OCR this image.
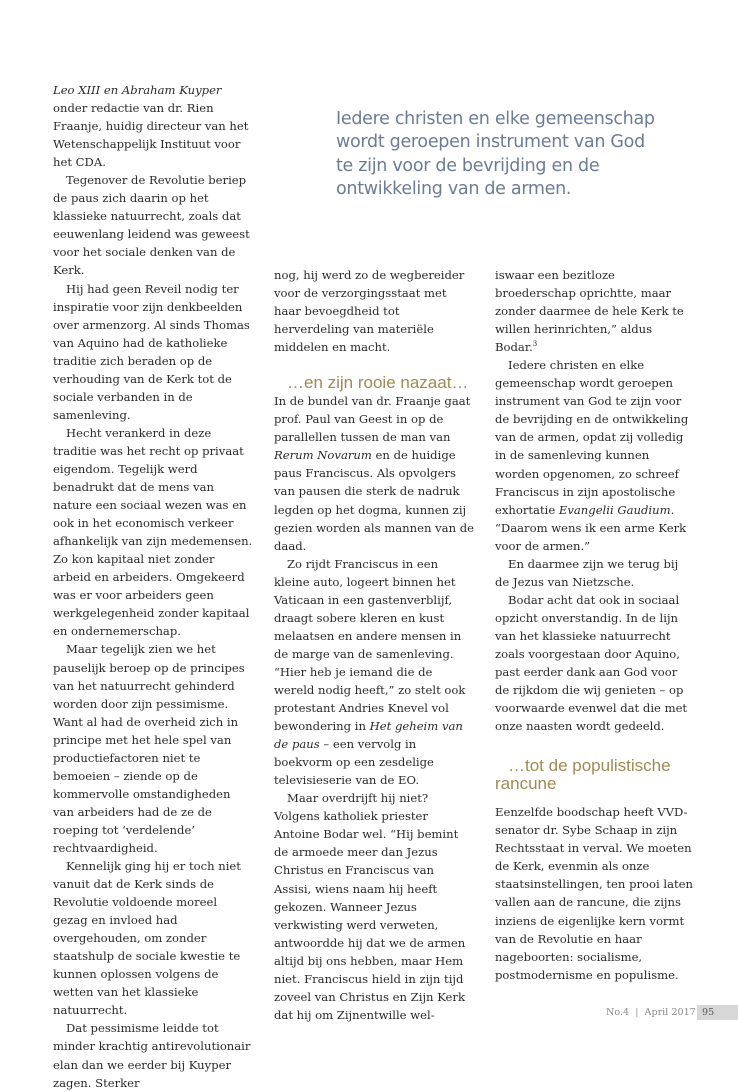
Iedere christen en elke gemeenschap wordt geroepen instrument van God te zijn voor de bevrijding en de ontwikkeling van de armen.

Leo XIII en Abraham Kuyper onder redactie van dr. Rien Fraanje, huidig directeur van het Wetenschappelijk Instituut voor het CDA.

Tegenover de Revolutie beriep de paus zich daarin op het klassieke natuurrecht, zoals dat eeuwenlang leidend was geweest voor het sociale denken van de Kerk.

Hij had geen Reveil nodig ter inspiratie voor zijn denkbeelden over armenzorg. Al sinds Thomas van Aquino had de katholieke traditie zich beraden op de verhouding van de Kerk tot de sociale verbanden in de samenleving.

Hecht verankerd in deze traditie was het recht op privaat eigendom. Tegelijk werd benadrukt dat de mens van nature een sociaal wezen was en ook in het economisch verkeer afhankelijk van zijn medemensen. Zo kon kapitaal niet zonder arbeid en arbeiders. Omgekeerd was er voor arbeiders geen werkgelegenheid zonder kapitaal en ondernemerschap.

Maar tegelijk zien we het pauselijk beroep op de principes van het natuurrecht gehinderd worden door zijn pessimisme. Want al had de overheid zich in principe met het hele spel van productiefactoren niet te bemoeien – ziende op de kommervolle omstandigheden van arbeiders had de ze de roeping tot ‘verdelende’ rechtvaardigheid.

Kennelijk ging hij er toch niet vanuit dat de Kerk sinds de Revolutie voldoende moreel gezag en invloed had overgehouden, om zonder staatshulp de sociale kwestie te kunnen oplossen volgens de wetten van het klassieke natuurrecht.

Dat pessimisme leidde tot minder krachtig antirevolutionair elan dan we eerder bij Kuyper zagen. Sterker

nog, hij werd zo de wegbereider voor de verzorgingsstaat met haar bevoegdheid tot herverdeling van materiële middelen en macht.

…en zijn rooie nazaat…

In de bundel van dr. Fraanje gaat prof. Paul van Geest in op de parallellen tussen de man van Rerum Novarum en de huidige paus Franciscus. Als opvolgers van pausen die sterk de nadruk legden op het dogma, kunnen zij gezien worden als mannen van de daad.

Zo rijdt Franciscus in een kleine auto, logeert binnen het Vaticaan in een gastenverblijf, draagt sobere kleren en kust melaatsen en andere mensen in de marge van de samenleving. “Hier heb je iemand die de wereld nodig heeft,” zo stelt ook protestant Andries Knevel vol bewondering in Het geheim van de paus – een vervolg in boekvorm op een zesdelige televisieserie van de EO.

Maar overdrijft hij niet? Volgens katholiek priester Antoine Bodar wel. “Hij bemint de armoede meer dan Jezus Christus en Franciscus van Assisi, wiens naam hij heeft gekozen. Wanneer Jezus verkwisting werd verweten, antwoordde hij dat we de armen altijd bij ons hebben, maar Hem niet. Franciscus hield in zijn tijd zoveel van Christus en Zijn Kerk dat hij om Zijnentwille wel-

iswaar een bezitloze broederschap oprichtte, maar zonder daarmee de hele Kerk te willen herinrichten,” aldus Bodar.$^3$

Iedere christen en elke gemeenschap wordt geroepen instrument van God te zijn voor de bevrijding en de ontwikkeling van de armen, opdat zij volledig in de samenleving kunnen worden opgenomen, zo schreef Franciscus in zijn apostolische exhortatie Evangelii Gaudium. “Daarom wens ik een arme Kerk voor de armen.”

En daarmee zijn we terug bij de Jezus van Nietzsche.

Bodar acht dat ook in sociaal opzicht onverstandig. In de lijn van het klassieke natuurrecht zoals voorgestaan door Aquino, past eerder dank aan God voor de rijkdom die wij genieten – op voorwaarde evenwel dat die met onze naasten wordt gedeeld.

…tot de populistische rancune

Eenzelfde boodschap heeft VVD-senator dr. Sybe Schaap in zijn Rechtsstaat in verval. We moeten de Kerk, evenmin als onze staatsinstellingen, ten prooi laten vallen aan de rancune, die zijns inziens de eigenlijke kern vormt van de Revolutie en haar nageboorten: socialisme, postmodernisme en populisme.

No.4 | April 2017 95
